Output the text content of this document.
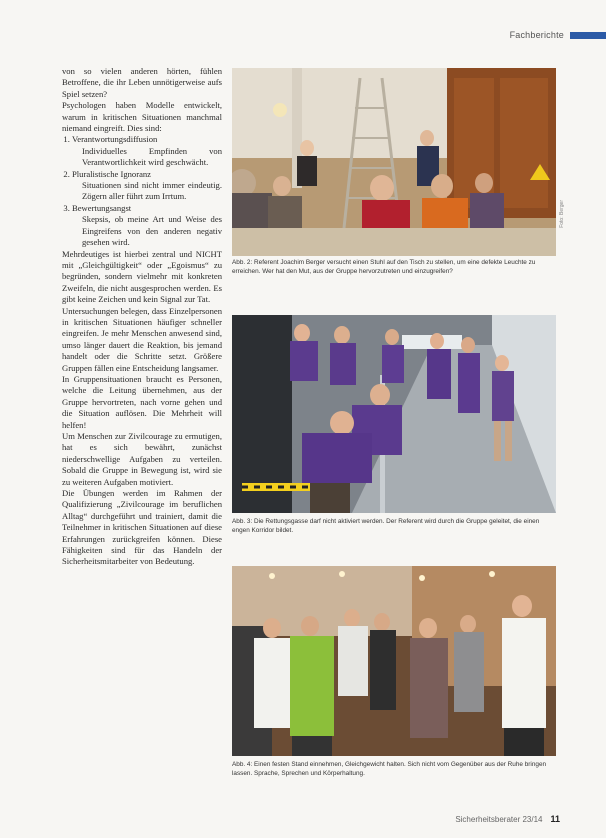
Fachberichte

von so vielen anderen hörten, fühlen Betroffene, die ihr Leben unnötigerweise aufs Spiel setzen?

Psychologen haben Modelle entwickelt, warum in kritischen Situationen manchmal niemand eingreift. Dies sind:

1. Verantwortungsdiffusion
Individuelles Empfinden von Verantwortlichkeit wird geschwächt.
2. Pluralistische Ignoranz
Situationen sind nicht immer eindeutig. Zögern aller führt zum Irrtum.
3. Bewertungsangst
Skepsis, ob meine Art und Weise des Eingreifens von den anderen negativ gesehen wird.

Mehrdeutiges ist hierbei zentral und NICHT mit „Gleichgültigkeit“ oder „Egoismus“ zu begründen, sondern vielmehr mit konkreten Zweifeln, die nicht ausgesprochen werden. Es gibt keine Zeichen und kein Signal zur Tat.

Untersuchungen belegen, dass Einzelpersonen in kritischen Situationen häufiger schneller eingreifen. Je mehr Menschen anwesend sind, umso länger dauert die Reaktion, bis jemand handelt oder die Schritte setzt. Größere Gruppen fällen eine Entscheidung langsamer.

In Gruppensituationen braucht es Personen, welche die Leitung übernehmen, aus der Gruppe hervortreten, nach vorne gehen und die Situation auflösen. Die Mehrheit will helfen!

Um Menschen zur Zivilcourage zu ermutigen, hat es sich bewährt, zunächst niederschwellige Aufgaben zu verteilen. Sobald die Gruppe in Bewegung ist, wird sie zu weiteren Aufgaben motiviert.

Die Übungen werden im Rahmen der Qualifizierung „Zivilcourage im beruflichen Alltag“ durchgeführt und trainiert, damit die Teilnehmer in kritischen Situationen auf diese Erfahrungen zurückgreifen können. Diese Fähigkeiten sind für das Handeln der Sicherheitsmitarbeiter von Bedeutung.

Abb. 2: Referent Joachim Berger versucht einen Stuhl auf den Tisch zu stellen, um eine defekte Leuchte zu erreichen. Wer hat den Mut, aus der Gruppe hervorzutreten und einzugreifen?
Foto: Berger
Abb. 3: Die Rettungsgasse darf nicht aktiviert werden. Der Referent wird durch die Gruppe geleitet, die einen engen Korridor bildet.
Abb. 4: Einen festen Stand einnehmen, Gleichgewicht halten. Sich nicht vom Gegenüber aus der Ruhe bringen lassen. Sprache, Sprechen und Körperhaltung.
Sicherheitsberater 23/14 11
